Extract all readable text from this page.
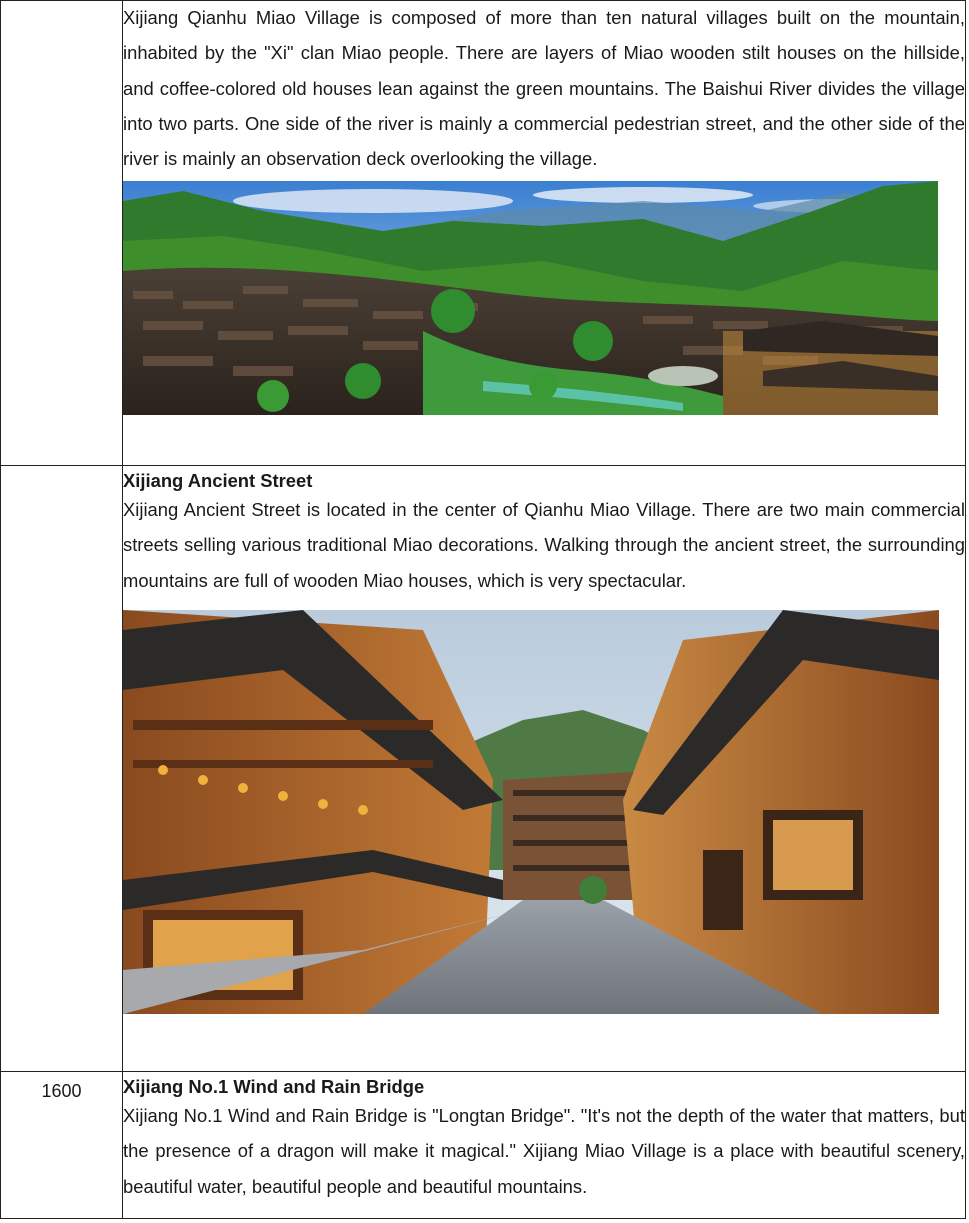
	Xijiang Qianhu Miao Village is composed of more than ten natural villages built on the mountain, inhabited by the "Xi" clan Miao people. There are layers of Miao wooden stilt houses on the hillside, and coffee-colored old houses lean against the green mountains. The Baishui River divides the village into two parts. One side of the river is mainly a commercial pedestrian street, and the other side of the river is mainly an observation deck overlooking the village.

	Xijiang Ancient Street

Xijiang Ancient Street is located in the center of Qianhu Miao Village. There are two main commercial streets selling various traditional Miao decorations. Walking through the ancient street, the surrounding mountains are full of wooden Miao houses, which is very spectacular.

1600	Xijiang No.1 Wind and Rain Bridge

Xijiang No.1 Wind and Rain Bridge is "Longtan Bridge". "It's not the depth of the water that matters, but the presence of a dragon will make it magical." Xijiang Miao Village is a place with beautiful scenery, beautiful water, beautiful people and beautiful mountains.
